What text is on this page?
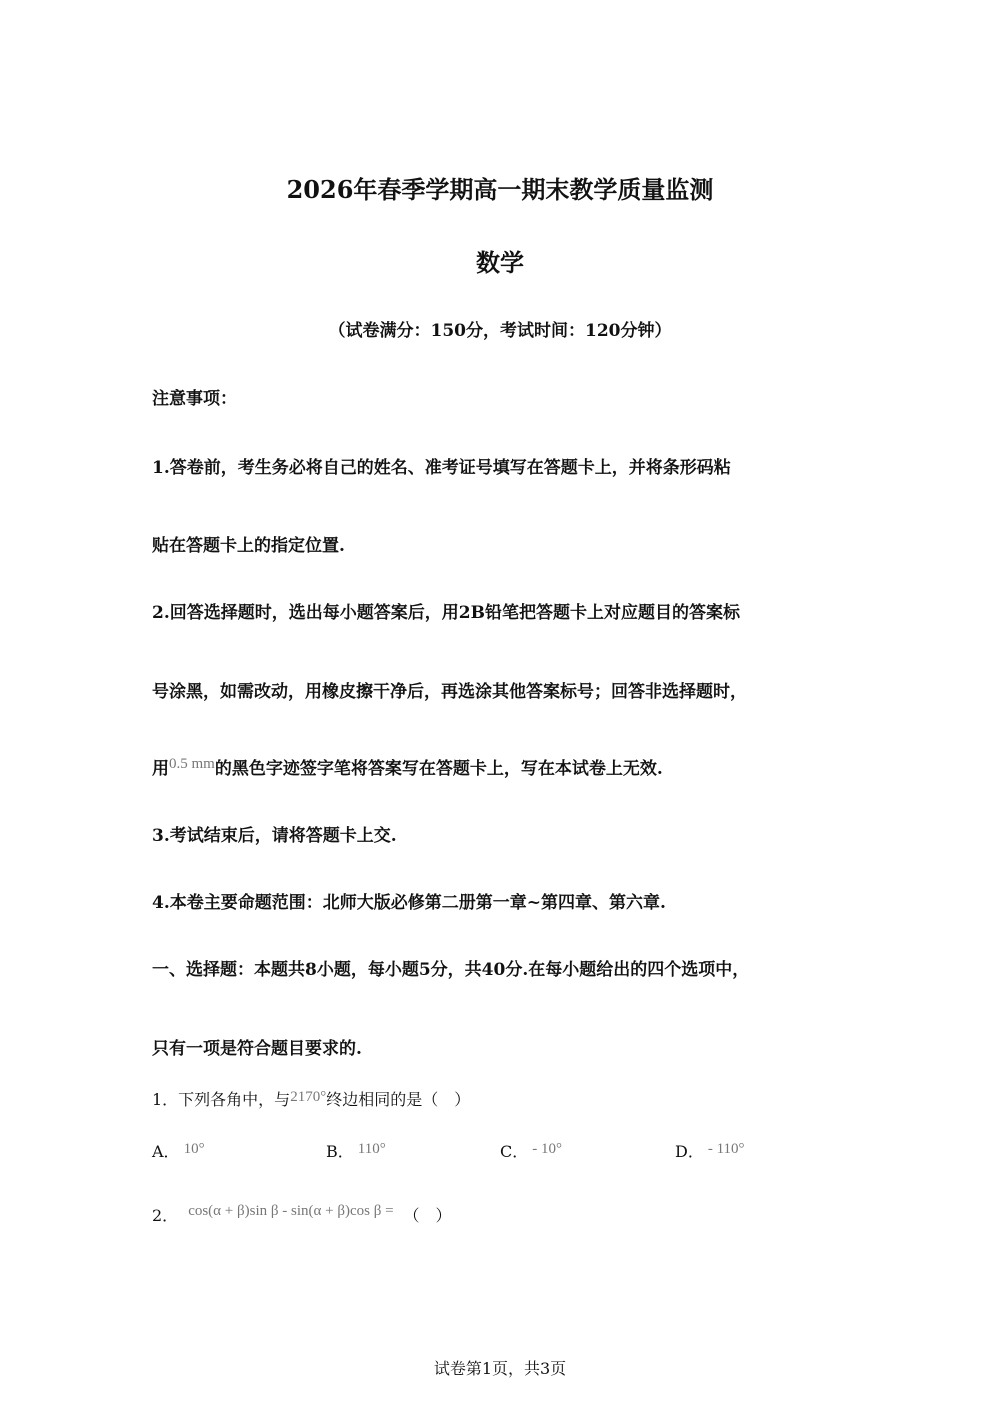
2026年春季学期高一期末教学质量监测
数学
（试卷满分：150分，考试时间：120分钟）
注意事项：
1.答卷前，考生务必将自己的姓名、准考证号填写在答题卡上，并将条形码粘
贴在答题卡上的指定位置.
2.回答选择题时，选出每小题答案后，用2B铅笔把答题卡上对应题目的答案标
号涂黑，如需改动，用橡皮擦干净后，再选涂其他答案标号；回答非选择题时，
用0.5 mm的黑色字迹签字笔将答案写在答题卡上，写在本试卷上无效.
3.考试结束后，请将答题卡上交.
4.本卷主要命题范围：北师大版必修第二册第一章~第四章、第六章.
一、选择题：本题共8小题，每小题5分，共40分.在每小题给出的四个选项中，
只有一项是符合题目要求的.
1．下列各角中，与2170°终边相同的是（　）
A． 10°	B． 110°	C． - 10°	D． - 110°
2． cos(α + β)sin β - sin(α + β)cos β = （　）
试卷第1页，共3页
